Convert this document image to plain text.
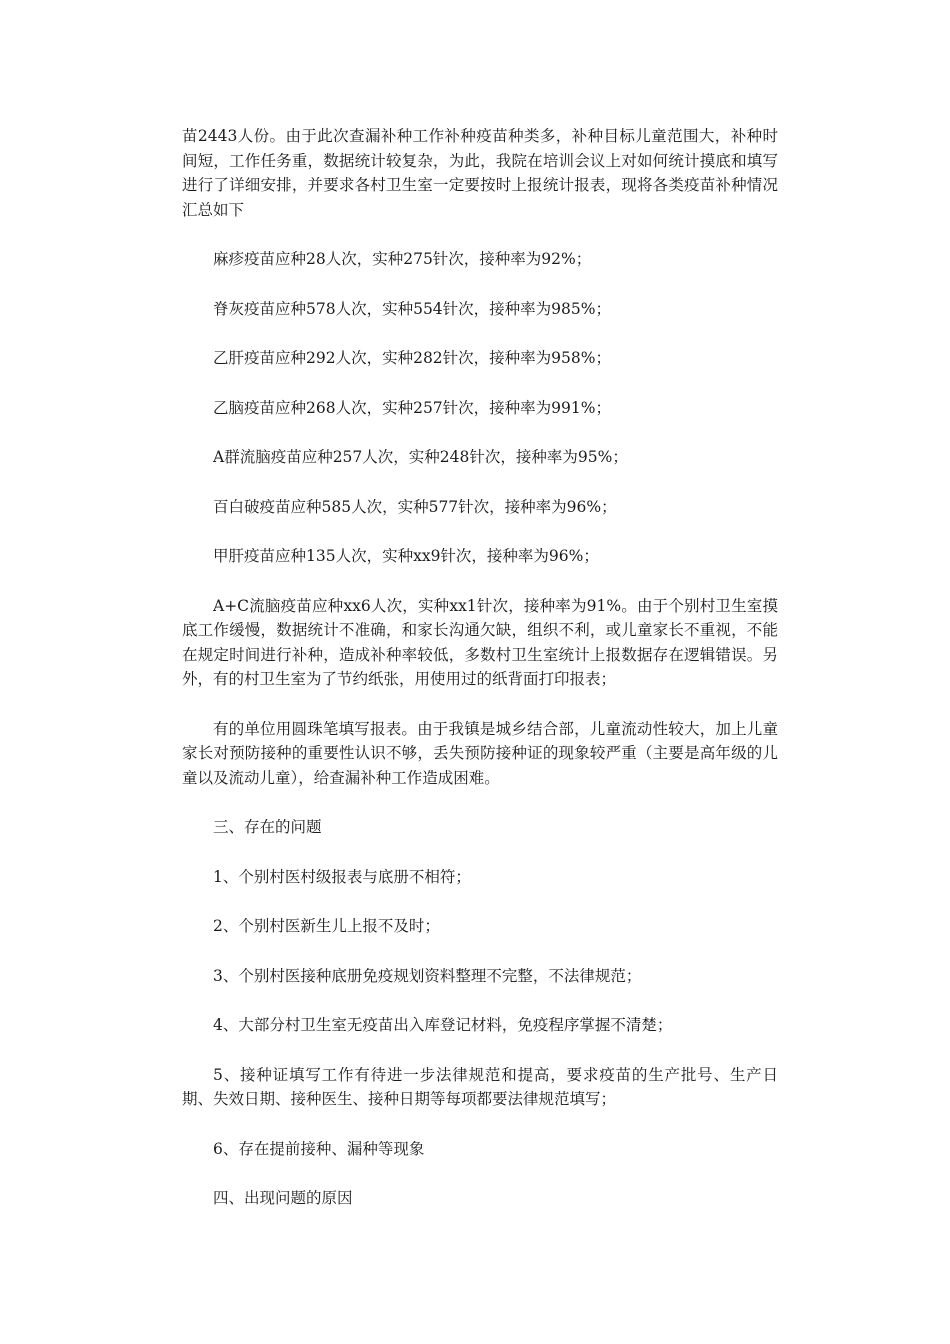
苗2443人份。由于此次查漏补种工作补种疫苗种类多，补种目标儿童范围大，补种时间短，工作任务重，数据统计较复杂，为此，我院在培训会议上对如何统计摸底和填写进行了详细安排，并要求各村卫生室一定要按时上报统计报表，现将各类疫苗补种情况汇总如下

麻疹疫苗应种28人次，实种275针次，接种率为92%；

脊灰疫苗应种578人次，实种554针次，接种率为985%；

乙肝疫苗应种292人次，实种282针次，接种率为958%；

乙脑疫苗应种268人次，实种257针次，接种率为991%；

A群流脑疫苗应种257人次，实种248针次，接种率为95%；

百白破疫苗应种585人次，实种577针次，接种率为96%；

甲肝疫苗应种135人次，实种xx9针次，接种率为96%；

A+C流脑疫苗应种xx6人次，实种xx1针次，接种率为91%。由于个别村卫生室摸底工作缓慢，数据统计不准确，和家长沟通欠缺，组织不利，或儿童家长不重视，不能在规定时间进行补种，造成补种率较低，多数村卫生室统计上报数据存在逻辑错误。另外，有的村卫生室为了节约纸张，用使用过的纸背面打印报表；

有的单位用圆珠笔填写报表。由于我镇是城乡结合部，儿童流动性较大，加上儿童家长对预防接种的重要性认识不够，丢失预防接种证的现象较严重（主要是高年级的儿童以及流动儿童），给查漏补种工作造成困难。

三、存在的问题

1、个别村医村级报表与底册不相符；

2、个别村医新生儿上报不及时；

3、个别村医接种底册免疫规划资料整理不完整，不法律规范；

4、大部分村卫生室无疫苗出入库登记材料，免疫程序掌握不清楚；

5、接种证填写工作有待进一步法律规范和提高，要求疫苗的生产批号、生产日期、失效日期、接种医生、接种日期等每项都要法律规范填写；

6、存在提前接种、漏种等现象

四、出现问题的原因
